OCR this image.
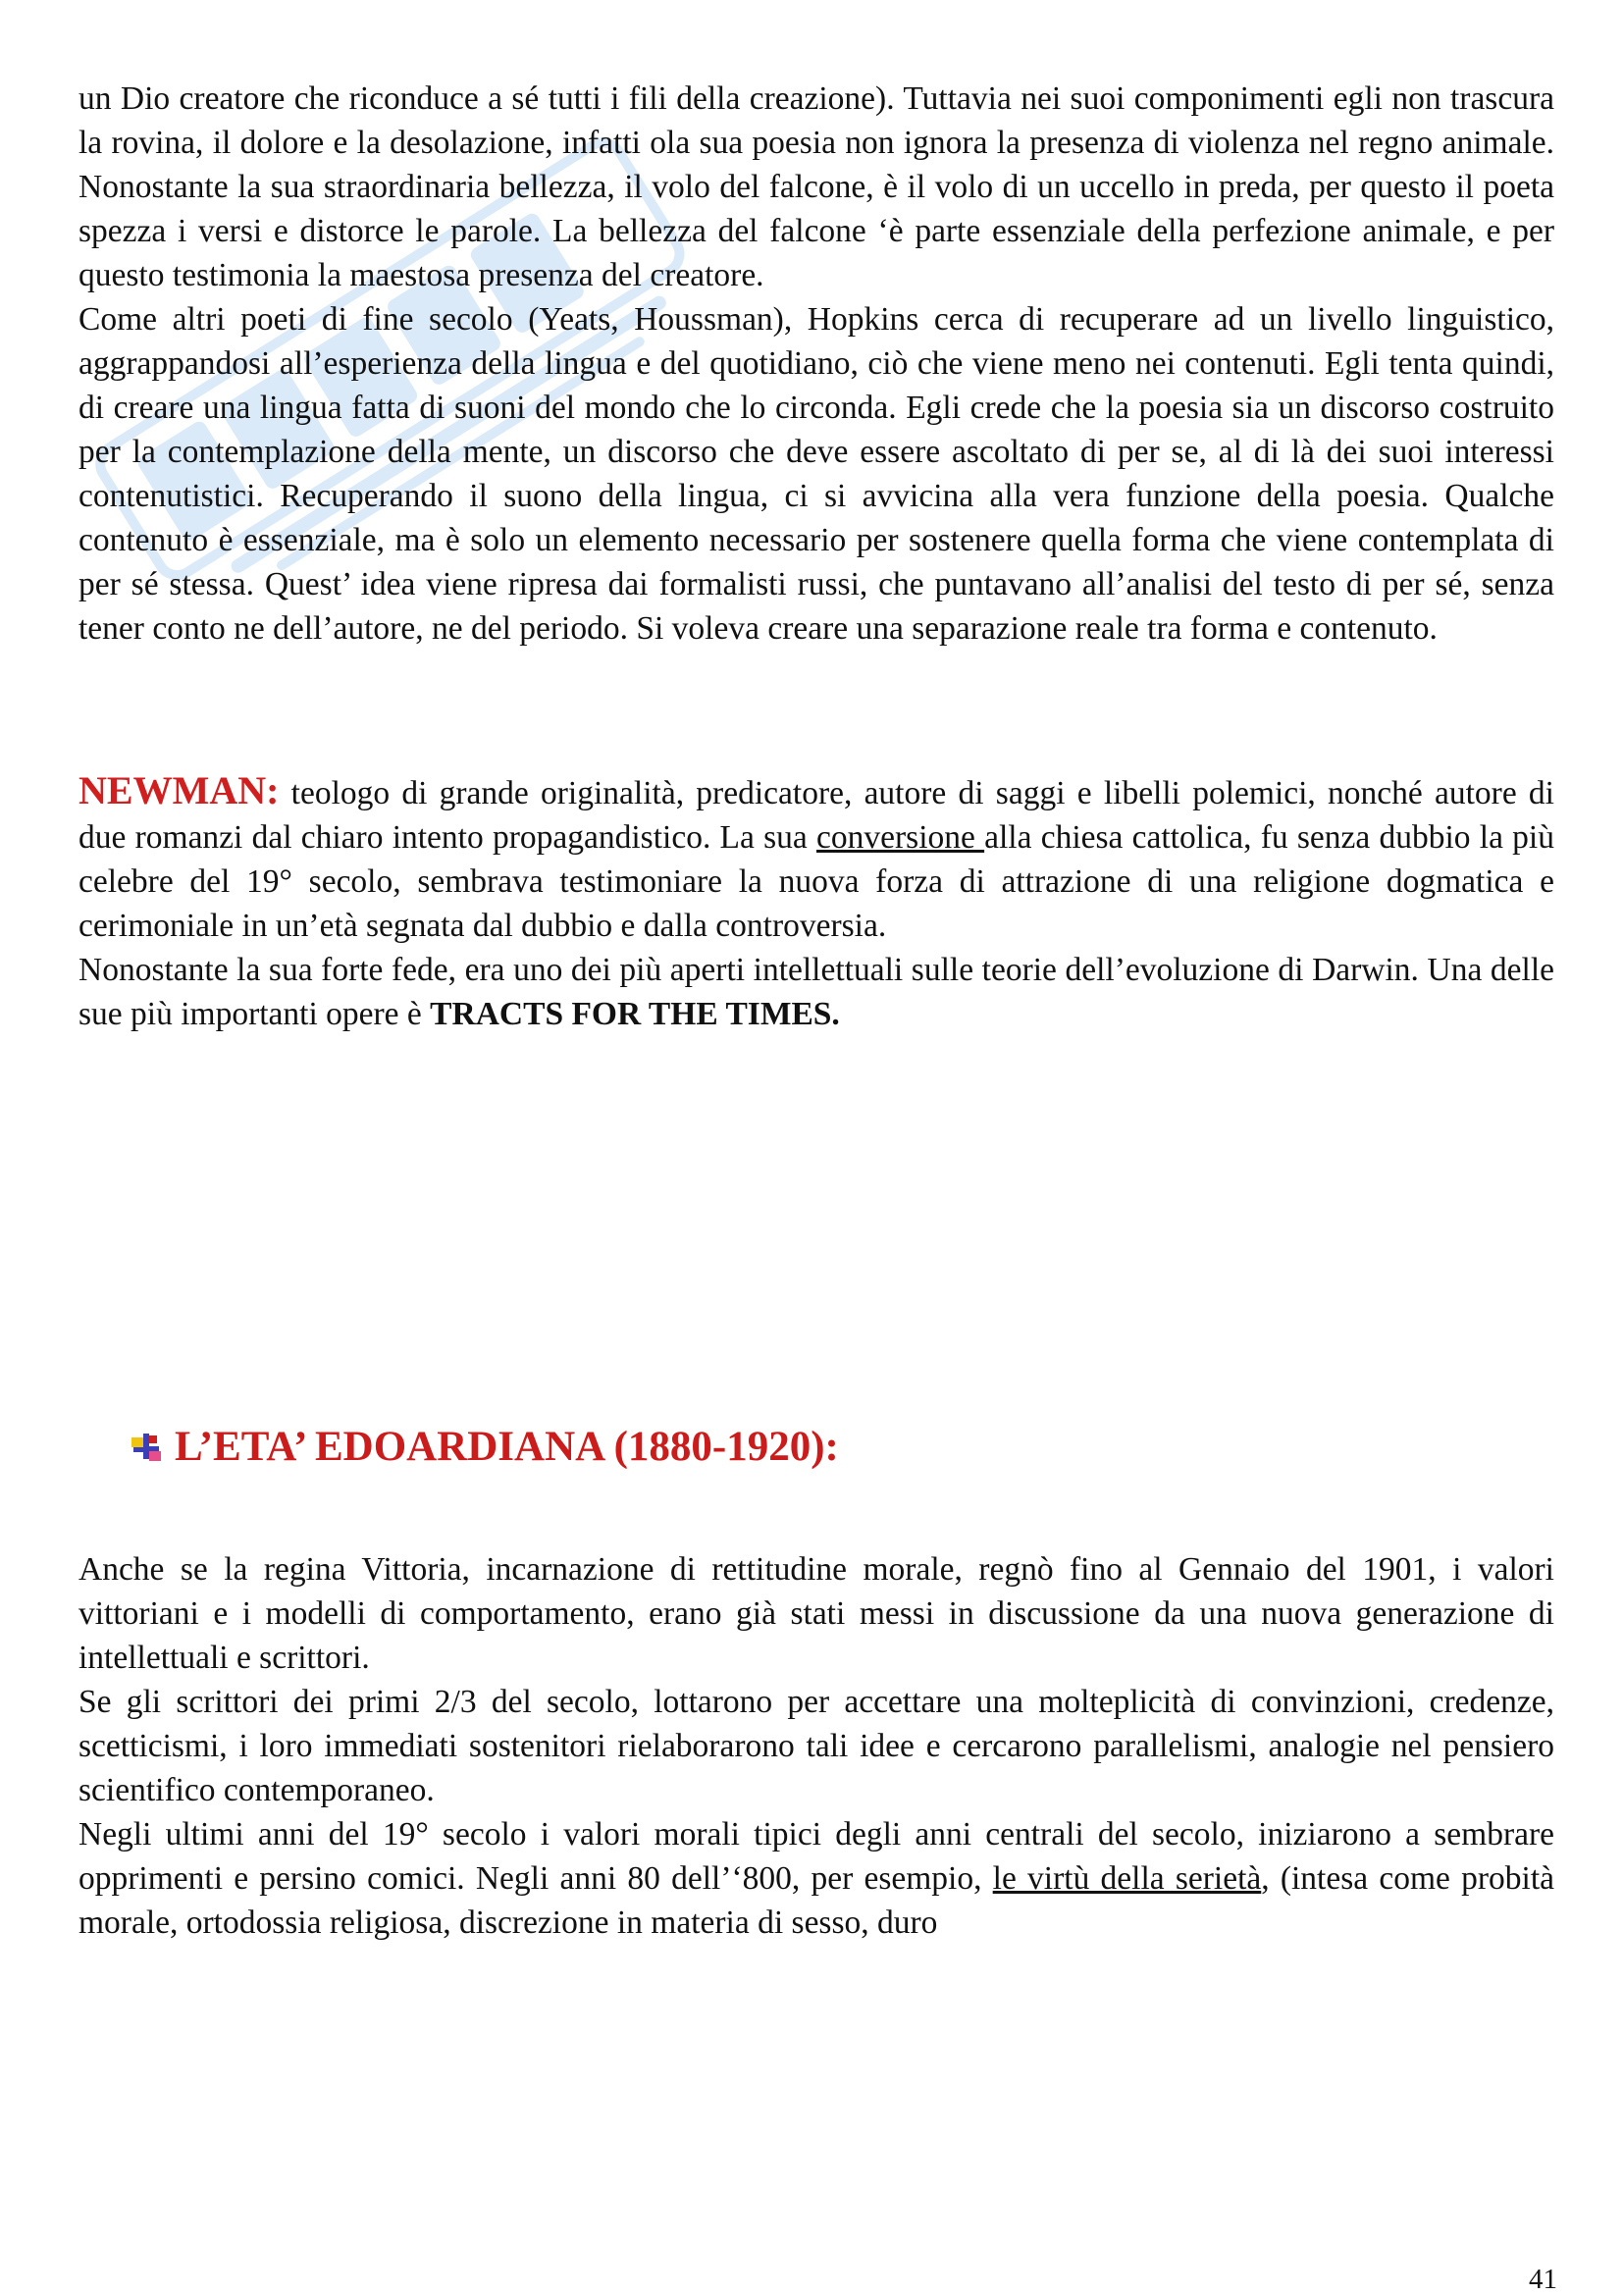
un Dio creatore che riconduce a sé tutti i fili della creazione). Tuttavia nei suoi componimenti egli non trascura la rovina, il dolore e la desolazione, infatti ola sua poesia non ignora la presenza di violenza nel regno animale. Nonostante la sua straordinaria bellezza, il volo del falcone, è il volo di un uccello in preda, per questo il poeta spezza i versi e distorce le parole. La bellezza del falcone ‘è parte essenziale della perfezione animale, e per questo testimonia la maestosa presenza del creatore.

Come altri poeti di fine secolo (Yeats, Houssman), Hopkins cerca di recuperare ad un livello linguistico, aggrappandosi all’esperienza della lingua e del quotidiano, ciò che viene meno nei contenuti. Egli tenta quindi, di creare una lingua fatta di suoni del mondo che lo circonda. Egli crede che la poesia sia un discorso costruito per la contemplazione della mente, un discorso che deve essere ascoltato di per se, al di là dei suoi interessi contenutistici. Recuperando il suono della lingua, ci si avvicina alla vera funzione della poesia. Qualche contenuto è essenziale, ma è solo un elemento necessario per sostenere quella forma che viene contemplata di per sé stessa. Quest’ idea viene ripresa dai formalisti russi, che puntavano all’analisi del testo di per sé, senza tener conto ne dell’autore, ne del periodo. Si voleva creare una separazione reale tra forma e contenuto.

NEWMAN: teologo di grande originalità, predicatore, autore di saggi e libelli polemici, nonché autore di due romanzi dal chiaro intento propagandistico. La sua conversione alla chiesa cattolica, fu senza dubbio la più celebre del 19° secolo, sembrava testimoniare la nuova forza di attrazione di una religione dogmatica e cerimoniale in un’età segnata dal dubbio e dalla controversia.

Nonostante la sua forte fede, era uno dei più aperti intellettuali sulle teorie dell’evoluzione di Darwin. Una delle sue più importanti opere è TRACTS FOR THE TIMES.

L’ETA’ EDOARDIANA (1880-1920):

Anche se la regina Vittoria, incarnazione di rettitudine morale, regnò fino al Gennaio del 1901, i valori vittoriani e i modelli di comportamento, erano già stati messi in discussione da una nuova generazione di intellettuali e scrittori.

Se gli scrittori dei primi 2/3 del secolo, lottarono per accettare una molteplicità di convinzioni, credenze, scetticismi, i loro immediati sostenitori rielaborarono tali idee e cercarono parallelismi, analogie nel pensiero scientifico contemporaneo.

Negli ultimi anni del 19° secolo i valori morali tipici degli anni centrali del secolo, iniziarono a sembrare opprimenti e persino comici. Negli anni 80 dell’‘800, per esempio, le virtù della serietà, (intesa come probità morale, ortodossia religiosa, discrezione in materia di sesso, duro

41
